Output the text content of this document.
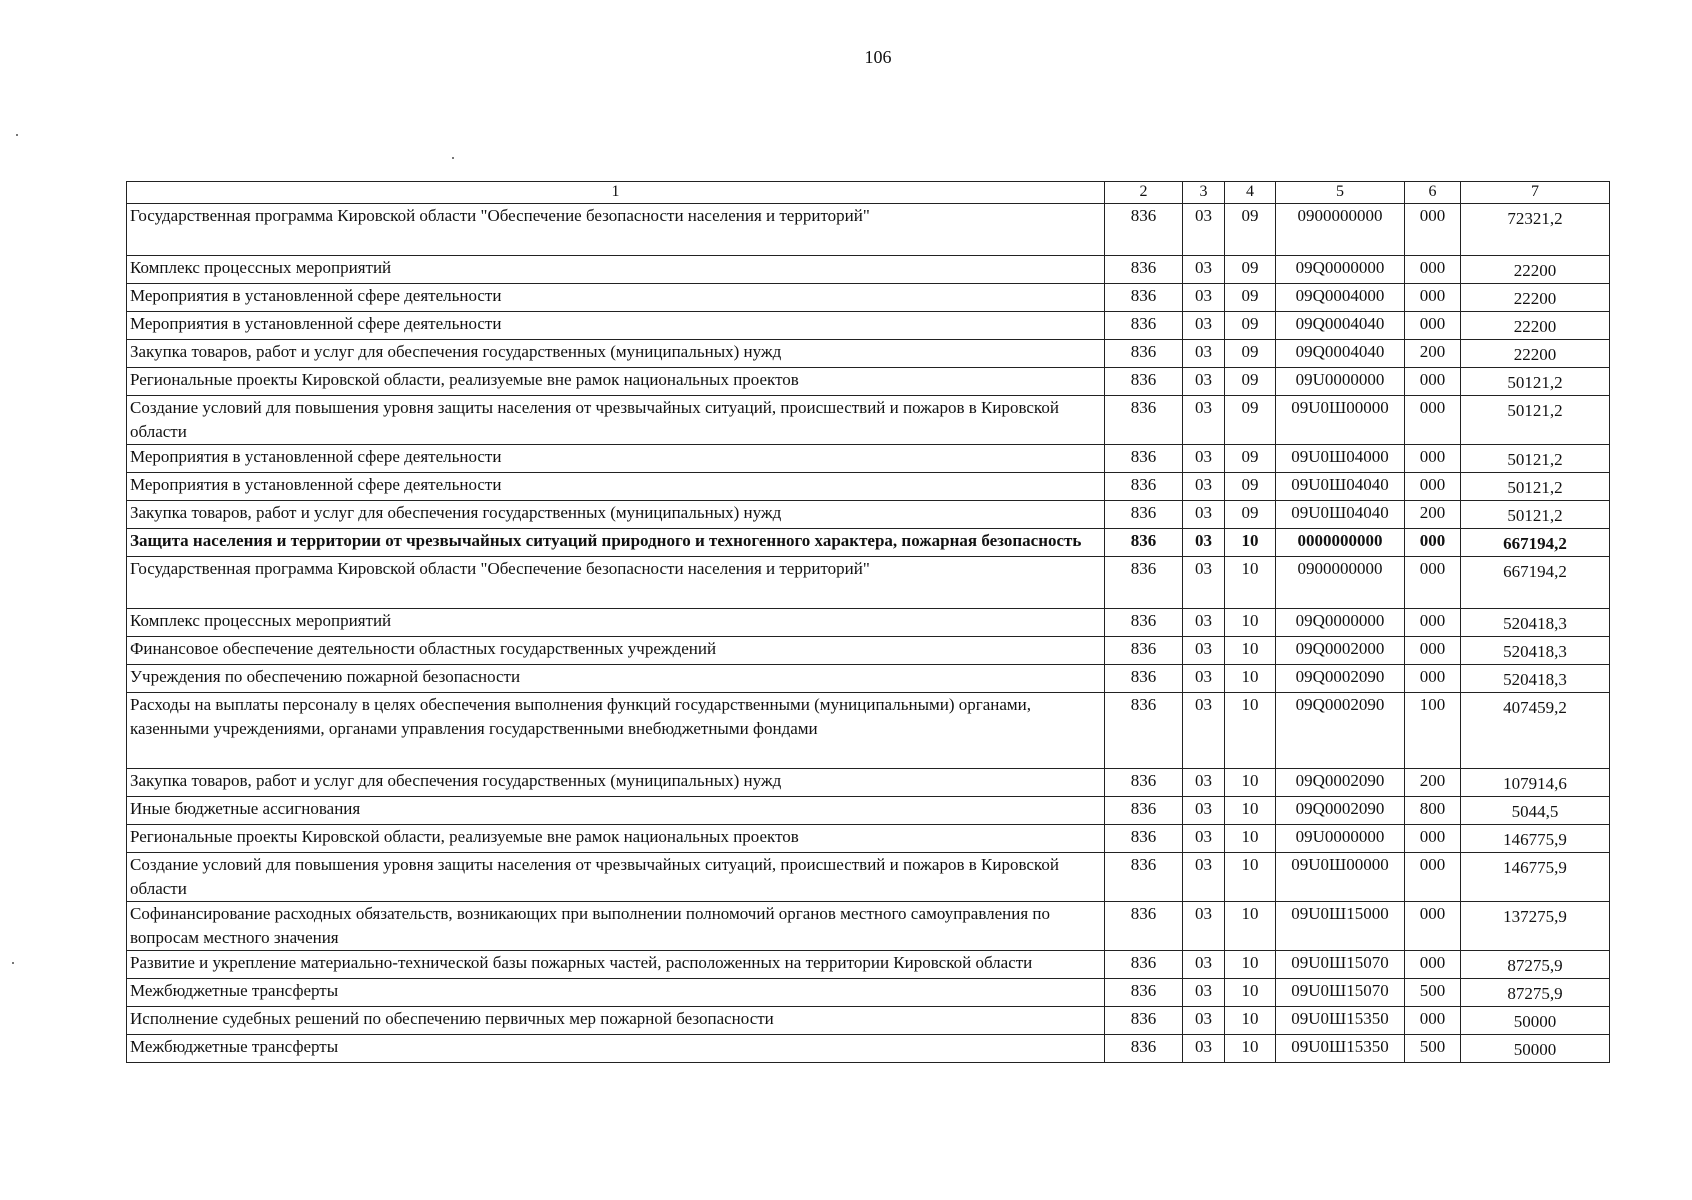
106
1	2	3	4	5	6	7
Государственная программа Кировской области "Обеспечение безопасности населения и территорий"	836	03	09	0900000000	000	72321,2
Комплекс процессных мероприятий	836	03	09	09Q0000000	000	22200
Мероприятия в установленной сфере деятельности	836	03	09	09Q0004000	000	22200
Мероприятия в установленной сфере деятельности	836	03	09	09Q0004040	000	22200
Закупка товаров, работ и услуг для обеспечения государственных (муниципальных) нужд	836	03	09	09Q0004040	200	22200
Региональные проекты Кировской области, реализуемые вне рамок национальных проектов	836	03	09	09U0000000	000	50121,2
Создание условий для повышения уровня защиты населения от чрезвычайных ситуаций, происшествий и пожаров в Кировской области	836	03	09	09U0Ш00000	000	50121,2
Мероприятия в установленной сфере деятельности	836	03	09	09U0Ш04000	000	50121,2
Мероприятия в установленной сфере деятельности	836	03	09	09U0Ш04040	000	50121,2
Закупка товаров, работ и услуг для обеспечения государственных (муниципальных) нужд	836	03	09	09U0Ш04040	200	50121,2
Защита населения и территории от чрезвычайных ситуаций природного и техногенного характера, пожарная безопасность	836	03	10	0000000000	000	667194,2
Государственная программа Кировской области "Обеспечение безопасности населения и территорий"	836	03	10	0900000000	000	667194,2
Комплекс процессных мероприятий	836	03	10	09Q0000000	000	520418,3
Финансовое обеспечение деятельности областных государственных учреждений	836	03	10	09Q0002000	000	520418,3
Учреждения по обеспечению пожарной безопасности	836	03	10	09Q0002090	000	520418,3
Расходы на выплаты персоналу в целях обеспечения выполнения функций государственными (муниципальными) органами, казенными учреждениями, органами управления государственными внебюджетными фондами	836	03	10	09Q0002090	100	407459,2
Закупка товаров, работ и услуг для обеспечения государственных (муниципальных) нужд	836	03	10	09Q0002090	200	107914,6
Иные бюджетные ассигнования	836	03	10	09Q0002090	800	5044,5
Региональные проекты Кировской области, реализуемые вне рамок национальных проектов	836	03	10	09U0000000	000	146775,9
Создание условий для повышения уровня защиты населения от чрезвычайных ситуаций, происшествий и пожаров в Кировской области	836	03	10	09U0Ш00000	000	146775,9
Софинансирование расходных обязательств, возникающих при выполнении полномочий органов местного самоуправления по вопросам местного значения	836	03	10	09U0Ш15000	000	137275,9
Развитие и укрепление материально-технической базы пожарных частей, расположенных на территории Кировской области	836	03	10	09U0Ш15070	000	87275,9
Межбюджетные трансферты	836	03	10	09U0Ш15070	500	87275,9
Исполнение судебных решений по обеспечению первичных мер пожарной безопасности	836	03	10	09U0Ш15350	000	50000
Межбюджетные трансферты	836	03	10	09U0Ш15350	500	50000
